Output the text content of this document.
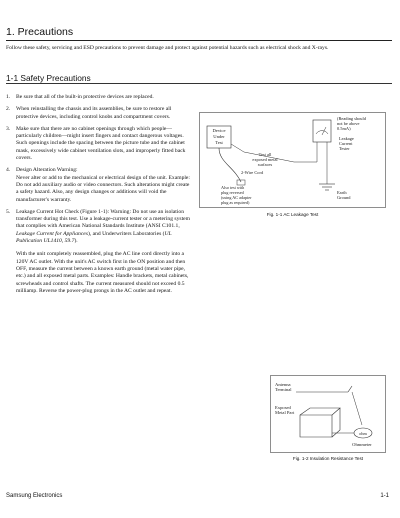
1. Precautions

Follow these safety, servicing and ESD precautions to prevent damage and protect against potential hazards such as electrical shock and X-rays.

1-1 Safety Precautions
1.	Be sure that all of the built-in protective devices are replaced.
2.	When reinstalling the chassis and its assemblies, be sure to restore all protective devices, including control knobs and compartment covers.
3.	Make sure that there are no cabinet openings through which people—particularly children—might insert fingers and contact dangerous voltages. Such openings include the spacing between the picture tube and the cabinet mask, excessively wide cabinet ventilation slots, and improperly fitted back covers.
4.	Design Alteration Warning:
Never alter or add to the mechanical or electrical design of the unit. Example: Do not add auxiliary audio or video connectors. Such alterations might create a safety hazard. Also, any design changes or additions will void the manufacturer's warranty.
5.	Leakage Current Hot Check (Figure 1-1): Warning: Do not use an isolation transformer during this test. Use a leakage-current tester or a metering system that complies with American National Standards Institute (ANSI C101.1, Leakage Current for Appliances), and Underwriters Laboratories (UL Publication UL1410, 59.7).

With the unit completely reassembled, plug the AC line cord directly into a 120V AC outlet. With the unit's AC switch first in the ON position and then OFF, measure the current between a known earth ground (metal water pipe, etc.) and all exposed metal parts. Examples: Handle brackets, metal cabinets, screwheads and control shafts. The current measured should not exceed 0.5 milliamp. Reverse the power-plug prongs in the AC outlet and repeat.

Device
Under
Test
(Reading should
not be above
0.5mA)
Leakage
Current
Tester
Earth
Ground
Test all
exposed metal
surfaces
2-Wire Cord
Also test with
plug reversed
(using AC adapter
plug as required)
Fig. 1-1 AC Leakage Test
Antenna
Terminal
Exposed
Metal Part
ohm
Ohmmeter
Fig. 1-2 Insulation Resistance Test
Samsung Electronics	1-1
